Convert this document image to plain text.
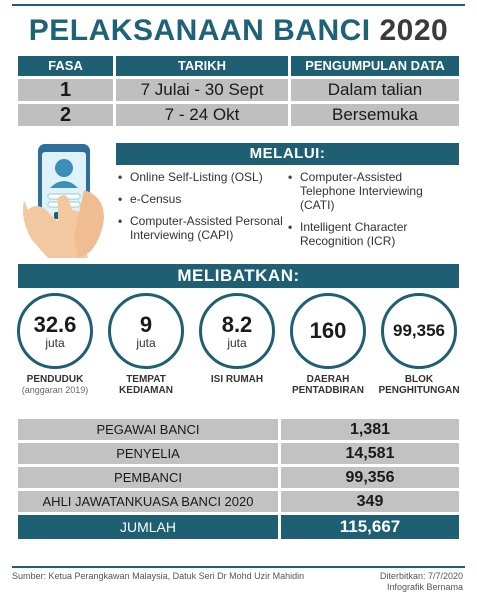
PELAKSANAAN BANCI 2020
FASA	TARIKH	PENGUMPULAN DATA
1	7 Julai - 30 Sept	Dalam talian
2	7 - 24 Okt	Bersemuka
MELALUI:
• Online Self-Listing (OSL)
• e-Census
• Computer-Assisted Personal Interviewing (CAPI)
• Computer-Assisted Telephone Interviewing (CATI)
• Intelligent Character Recognition (ICR)
MELIBATKAN:
32.6
juta
PENDUDUK
(anggaran 2019)
9
juta
TEMPAT KEDIAMAN
8.2
juta
ISI RUMAH
160
DAERAH PENTADBIRAN
99,356
BLOK PENGHITUNGAN
PEGAWAI BANCI	1,381
PENYELIA	14,581
PEMBANCI	99,356
AHLI JAWATANKUASA BANCI 2020	349
JUMLAH	115,667
Sumber: Ketua Perangkawan Malaysia, Datuk Seri Dr Mohd Uzir Mahidin	Diterbitkan: 7/7/2020
Infografik Bernama
